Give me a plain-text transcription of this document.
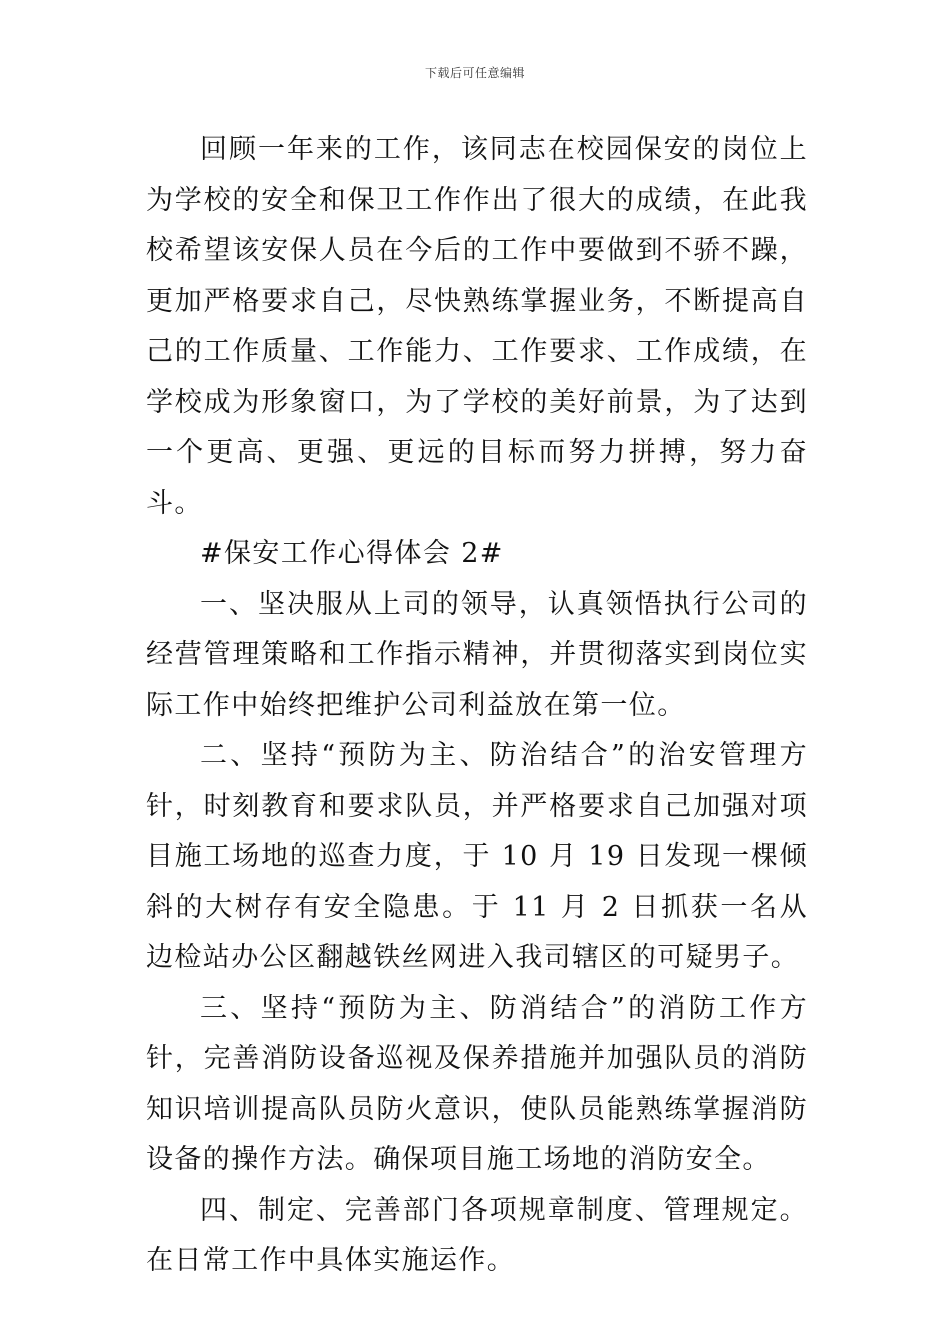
下载后可任意编辑

回顾一年来的工作，该同志在校园保安的岗位上为学校的安全和保卫工作作出了很大的成绩，在此我校希望该安保人员在今后的工作中要做到不骄不躁，更加严格要求自己，尽快熟练掌握业务，不断提高自己的工作质量、工作能力、工作要求、工作成绩，在学校成为形象窗口，为了学校的美好前景，为了达到一个更高、更强、更远的目标而努力拼搏，努力奋斗。

#保安工作心得体会 2#

一、坚决服从上司的领导，认真领悟执行公司的经营管理策略和工作指示精神，并贯彻落实到岗位实际工作中始终把维护公司利益放在第一位。

二、坚持“预防为主、防治结合”的治安管理方针，时刻教育和要求队员，并严格要求自己加强对项目施工场地的巡查力度，于 10 月 19 日发现一棵倾斜的大树存有安全隐患。于 11 月 2 日抓获一名从边检站办公区翻越铁丝网进入我司辖区的可疑男子。

三、坚持“预防为主、防消结合”的消防工作方针，完善消防设备巡视及保养措施并加强队员的消防知识培训提高队员防火意识，使队员能熟练掌握消防设备的操作方法。确保项目施工场地的消防安全。

四、制定、完善部门各项规章制度、管理规定。在日常工作中具体实施运作。
